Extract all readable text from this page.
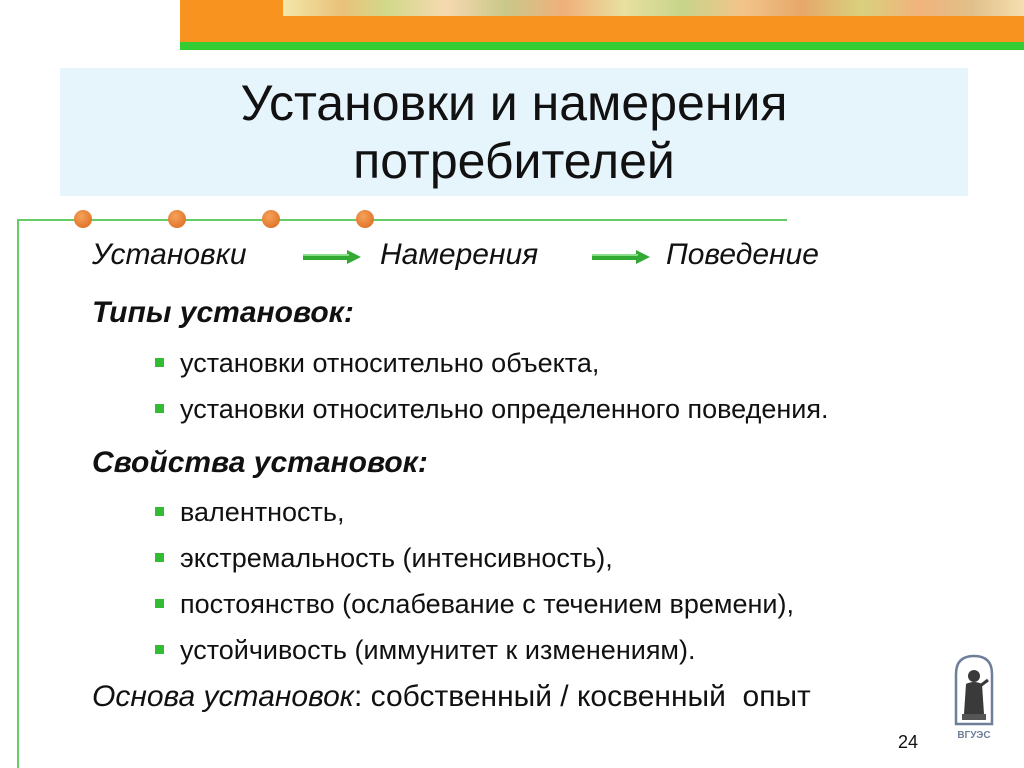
Установки и намерения
потребителей
Установки	Намерения	Поведение
Типы установок:
установки относительно объекта,
установки относительно определенного поведения.
Свойства установок:
валентность,
экстремальность (интенсивность),
постоянство (ослабевание с течением времени),
устойчивость (иммунитет к изменениям).
Основа установок: собственный / косвенный  опыт
ВГУЭС
24
